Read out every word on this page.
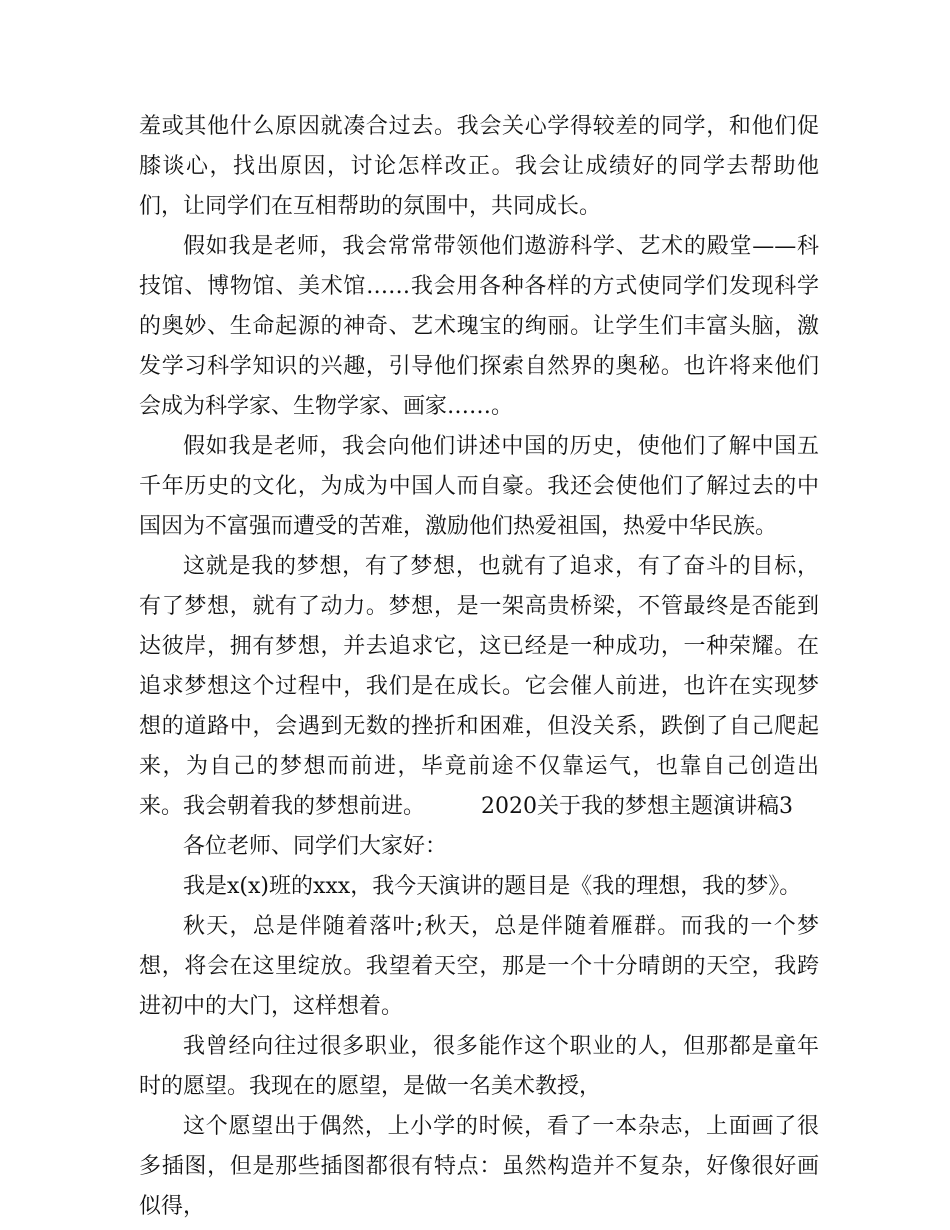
羞或其他什么原因就凑合过去。我会关心学得较差的同学，和他们促膝谈心，找出原因，讨论怎样改正。我会让成绩好的同学去帮助他们，让同学们在互相帮助的氛围中，共同成长。

假如我是老师，我会常常带领他们遨游科学、艺术的殿堂——科技馆、博物馆、美术馆……我会用各种各样的方式使同学们发现科学的奥妙、生命起源的神奇、艺术瑰宝的绚丽。让学生们丰富头脑，激发学习科学知识的兴趣，引导他们探索自然界的奥秘。也许将来他们会成为科学家、生物学家、画家……。

假如我是老师，我会向他们讲述中国的历史，使他们了解中国五千年历史的文化，为成为中国人而自豪。我还会使他们了解过去的中国因为不富强而遭受的苦难，激励他们热爱祖国，热爱中华民族。

这就是我的梦想，有了梦想，也就有了追求，有了奋斗的目标，有了梦想，就有了动力。梦想，是一架高贵桥梁，不管最终是否能到达彼岸，拥有梦想，并去追求它，这已经是一种成功，一种荣耀。在追求梦想这个过程中，我们是在成长。它会催人前进，也许在实现梦想的道路中，会遇到无数的挫折和困难，但没关系，跌倒了自己爬起来，为自己的梦想而前进，毕竟前途不仅靠运气，也靠自己创造出来。我会朝着我的梦想前进。	2020关于我的梦想主题演讲稿3

各位老师、同学们大家好：

我是x(x)班的xxx，我今天演讲的题目是《我的理想，我的梦》。

秋天，总是伴随着落叶;秋天，总是伴随着雁群。而我的一个梦想，将会在这里绽放。我望着天空，那是一个十分晴朗的天空，我跨进初中的大门，这样想着。

我曾经向往过很多职业，很多能作这个职业的人，但那都是童年时的愿望。我现在的愿望，是做一名美术教授，

这个愿望出于偶然，上小学的时候，看了一本杂志，上面画了很多插图，但是那些插图都很有特点：虽然构造并不复杂，好像很好画似得，
